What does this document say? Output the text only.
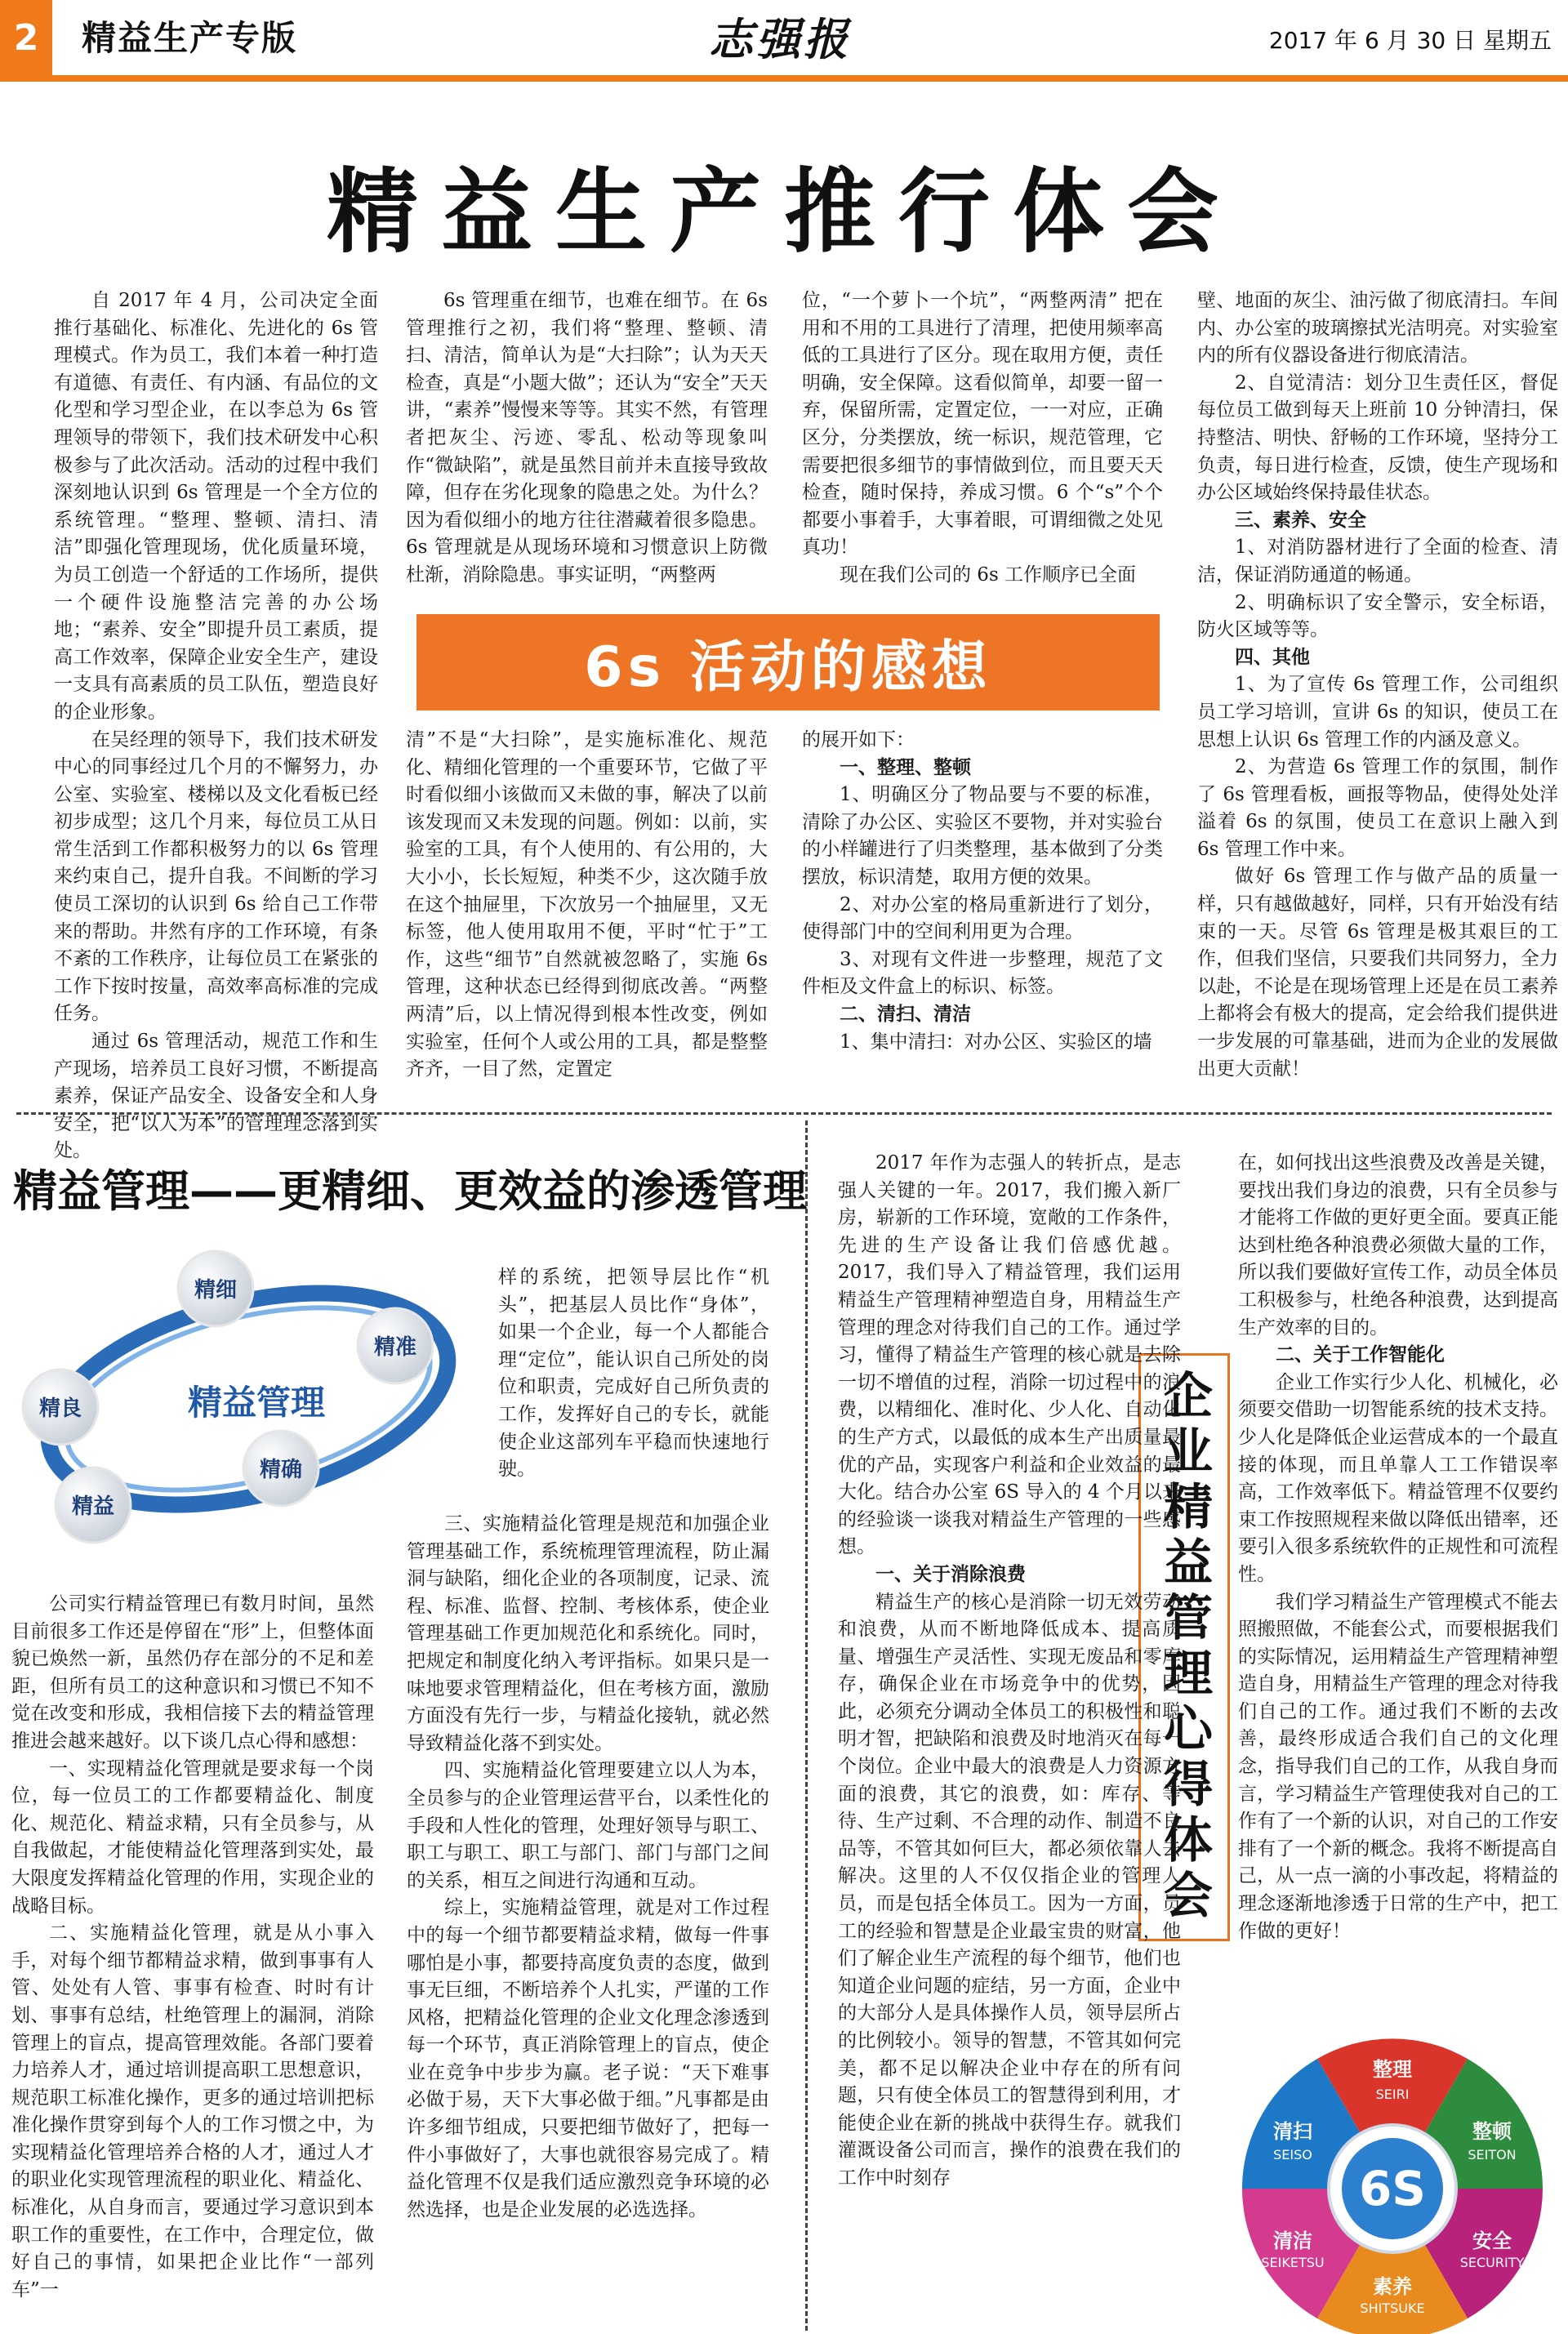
2	精益生产专版	志强报	2017 年 6 月 30 日 星期五
精益生产推行体会

自 2017 年 4 月，公司决定全面推行基础化、标准化、先进化的 6s 管理模式。作为员工，我们本着一种打造有道德、有责任、有内涵、有品位的文化型和学习型企业，在以李总为 6s 管理领导的带领下，我们技术研发中心积极参与了此次活动。活动的过程中我们深刻地认识到 6s 管理是一个全方位的系统管理。“整理、整顿、清扫、清洁”即强化管理现场，优化质量环境，为员工创造一个舒适的工作场所，提供一个硬件设施整洁完善的办公场地；“素养、安全”即提升员工素质，提高工作效率，保障企业安全生产，建设一支具有高素质的员工队伍，塑造良好的企业形象。

在吴经理的领导下，我们技术研发中心的同事经过几个月的不懈努力，办公室、实验室、楼梯以及文化看板已经初步成型；这几个月来，每位员工从日常生活到工作都积极努力的以 6s 管理来约束自己，提升自我。不间断的学习使员工深切的认识到 6s 给自己工作带来的帮助。井然有序的工作环境，有条不紊的工作秩序，让每位员工在紧张的工作下按时按量，高效率高标准的完成任务。

通过 6s 管理活动，规范工作和生产现场，培养员工良好习惯，不断提高素养，保证产品安全、设备安全和人身安全，把“以人为本”的管理理念落到实处。

6s 管理重在细节，也难在细节。在 6s 管理推行之初，我们将“整理、整顿、清扫、清洁，简单认为是“大扫除”；认为天天检查，真是“小题大做”；还认为“安全”天天讲，“素养”慢慢来等等。其实不然，有管理者把灰尘、污迹、零乱、松动等现象叫作“微缺陷”，就是虽然目前并未直接导致故障，但存在劣化现象的隐患之处。为什么？因为看似细小的地方往往潜藏着很多隐患。6s 管理就是从现场环境和习惯意识上防微杜渐，消除隐患。事实证明，“两整两

位，“一个萝卜一个坑”，“两整两清” 把在用和不用的工具进行了清理，把使用频率高低的工具进行了区分。现在取用方便，责任明确，安全保障。这看似简单，却要一留一弃，保留所需，定置定位，一一对应，正确区分，分类摆放，统一标识，规范管理，它需要把很多细节的事情做到位，而且要天天检查，随时保持，养成习惯。6 个“s”个个都要小事着手，大事着眼，可谓细微之处见真功！

现在我们公司的 6s 工作顺序已全面

6s 活动的感想

清”不是“大扫除”，是实施标准化、规范化、精细化管理的一个重要环节，它做了平时看似细小该做而又未做的事，解决了以前该发现而又未发现的问题。例如：以前，实验室的工具，有个人使用的、有公用的，大大小小，长长短短，种类不少，这次随手放在这个抽屉里，下次放另一个抽屉里，又无标签，他人使用取用不便，平时“忙于”工作，这些“细节”自然就被忽略了，实施 6s 管理，这种状态已经得到彻底改善。“两整两清”后，以上情况得到根本性改变，例如实验室，任何个人或公用的工具，都是整整齐齐，一目了然，定置定

的展开如下：

一、整理、整顿

1、明确区分了物品要与不要的标准，清除了办公区、实验区不要物，并对实验台的小样罐进行了归类整理，基本做到了分类摆放，标识清楚，取用方便的效果。

2、对办公室的格局重新进行了划分，使得部门中的空间利用更为合理。

3、对现有文件进一步整理，规范了文件柜及文件盒上的标识、标签。

二、清扫、清洁

1、集中清扫：对办公区、实验区的墙

壁、地面的灰尘、油污做了彻底清扫。车间内、办公室的玻璃擦拭光洁明亮。对实验室内的所有仪器设备进行彻底清洁。

2、自觉清洁：划分卫生责任区，督促每位员工做到每天上班前 10 分钟清扫，保持整洁、明快、舒畅的工作环境，坚持分工负责，每日进行检查，反馈，使生产现场和办公区域始终保持最佳状态。

三、素养、安全

1、对消防器材进行了全面的检查、清洁，保证消防通道的畅通。

2、明确标识了安全警示，安全标语，防火区域等等。

四、其他

1、为了宣传 6s 管理工作，公司组织员工学习培训，宣讲 6s 的知识，使员工在思想上认识 6s 管理工作的内涵及意义。

2、为营造 6s 管理工作的氛围，制作了 6s 管理看板，画报等物品，使得处处洋溢着 6s 的氛围，使员工在意识上融入到 6s 管理工作中来。

做好 6s 管理工作与做产品的质量一样，只有越做越好，同样，只有开始没有结束的一天。尽管 6s 管理是极其艰巨的工作，但我们坚信，只要我们共同努力，全力以赴，不论是在现场管理上还是在员工素养上都将会有极大的提高，定会给我们提供进一步发展的可靠基础，进而为企业的发展做出更大贡献！

精益管理——更精细、更效益的渗透管理
精益管理
精细
精准
精良
精确
精益

样的系统，把领导层比作“机头”，把基层人员比作“身体”，如果一个企业，每一个人都能合理“定位”，能认识自己所处的岗位和职责，完成好自己所负责的工作，发挥好自己的专长，就能使企业这部列车平稳而快速地行驶。

公司实行精益管理已有数月时间，虽然目前很多工作还是停留在“形”上，但整体面貌已焕然一新，虽然仍存在部分的不足和差距，但所有员工的这种意识和习惯已不知不觉在改变和形成，我相信接下去的精益管理推进会越来越好。以下谈几点心得和感想：

一、实现精益化管理就是要求每一个岗位，每一位员工的工作都要精益化、制度化、规范化、精益求精，只有全员参与，从自我做起，才能使精益化管理落到实处，最大限度发挥精益化管理的作用，实现企业的战略目标。

二、实施精益化管理，就是从小事入手，对每个细节都精益求精，做到事事有人管、处处有人管、事事有检查、时时有计划、事事有总结，杜绝管理上的漏洞，消除管理上的盲点，提高管理效能。各部门要着力培养人才，通过培训提高职工思想意识，规范职工标准化操作，更多的通过培训把标准化操作贯穿到每个人的工作习惯之中，为实现精益化管理培养合格的人才，通过人才的职业化实现管理流程的职业化、精益化、标准化，从自身而言，要通过学习意识到本职工作的重要性，在工作中，合理定位，做好自己的事情，如果把企业比作“一部列车”一

三、实施精益化管理是规范和加强企业管理基础工作，系统梳理管理流程，防止漏洞与缺陷，细化企业的各项制度，记录、流程、标准、监督、控制、考核体系，使企业管理基础工作更加规范化和系统化。同时，把规定和制度化纳入考评指标。如果只是一味地要求管理精益化，但在考核方面，激励方面没有先行一步，与精益化接轨，就必然导致精益化落不到实处。

四、实施精益化管理要建立以人为本，全员参与的企业管理运营平台，以柔性化的手段和人性化的管理，处理好领导与职工、职工与职工、职工与部门、部门与部门之间的关系，相互之间进行沟通和互动。

综上，实施精益管理，就是对工作过程中的每一个细节都要精益求精，做每一件事哪怕是小事，都要持高度负责的态度，做到事无巨细，不断培养个人扎实，严谨的工作风格，把精益化管理的企业文化理念渗透到每一个环节，真正消除管理上的盲点，使企业在竞争中步步为赢。老子说：“天下难事必做于易，天下大事必做于细。”凡事都是由许多细节组成，只要把细节做好了，把每一件小事做好了，大事也就很容易完成了。精益化管理不仅是我们适应激烈竞争环境的必然选择，也是企业发展的必选选择。

企业精益管理心得体会

2017 年作为志强人的转折点，是志强人关键的一年。2017，我们搬入新厂房，崭新的工作环境，宽敞的工作条件，先进的生产设备让我们倍感优越。2017，我们导入了精益管理，我们运用精益生产管理精神塑造自身，用精益生产管理的理念对待我们自己的工作。通过学习，懂得了精益生产管理的核心就是去除一切不增值的过程，消除一切过程中的浪费，以精细化、准时化、少人化、自动化的生产方式，以最低的成本生产出质量最优的产品，实现客户利益和企业效益的最大化。结合办公室 6S 导入的 4 个月以来的经验谈一谈我对精益生产管理的一些感想。

一、关于消除浪费

精益生产的核心是消除一切无效劳动和浪费，从而不断地降低成本、提高质量、增强生产灵活性、实现无废品和零库存，确保企业在市场竞争中的优势，因此，必须充分调动全体员工的积极性和聪明才智，把缺陷和浪费及时地消灭在每一个岗位。企业中最大的浪费是人力资源方面的浪费，其它的浪费，如：库存、等待、生产过剩、不合理的动作、制造不良品等，不管其如何巨大，都必须依靠人去解决。这里的人不仅仅指企业的管理人员，而是包括全体员工。因为一方面，员工的经验和智慧是企业最宝贵的财富，他们了解企业生产流程的每个细节，他们也知道企业问题的症结，另一方面，企业中的大部分人是具体操作人员，领导层所占的比例较小。领导的智慧，不管其如何完美，都不足以解决企业中存在的所有问题，只有使全体员工的智慧得到利用，才能使企业在新的挑战中获得生存。就我们灌溉设备公司而言，操作的浪费在我们的工作中时刻存

在，如何找出这些浪费及改善是关键，要找出我们身边的浪费，只有全员参与才能将工作做的更好更全面。要真正能达到杜绝各种浪费必须做大量的工作，所以我们要做好宣传工作，动员全体员工积极参与，杜绝各种浪费，达到提高生产效率的目的。

二、关于工作智能化

企业工作实行少人化、机械化，必须要交借助一切智能系统的技术支持。少人化是降低企业运营成本的一个最直接的体现，而且单靠人工工作错误率高，工作效率低下。精益管理不仅要约束工作按照规程来做以降低出错率，还要引入很多系统软件的正规性和可流程性。

我们学习精益生产管理模式不能去照搬照做，不能套公式，而要根据我们的实际情况，运用精益生产管理精神塑造自身，用精益生产管理的理念对待我们自己的工作。通过我们不断的去改善，最终形成适合我们自己的文化理念，指导我们自己的工作，从我自身而言，学习精益生产管理使我对自己的工作有了一个新的认识，对自己的工作安排有了一个新的概念。我将不断提高自己，从一点一滴的小事改起，将精益的理念逐渐地渗透于日常的生产中，把工作做的更好！

6S
整理
SEIRI
整顿
SEITON
安全
SECURITY
素养
SHITSUKE
清洁
SEIKETSU
清扫
SEISO
